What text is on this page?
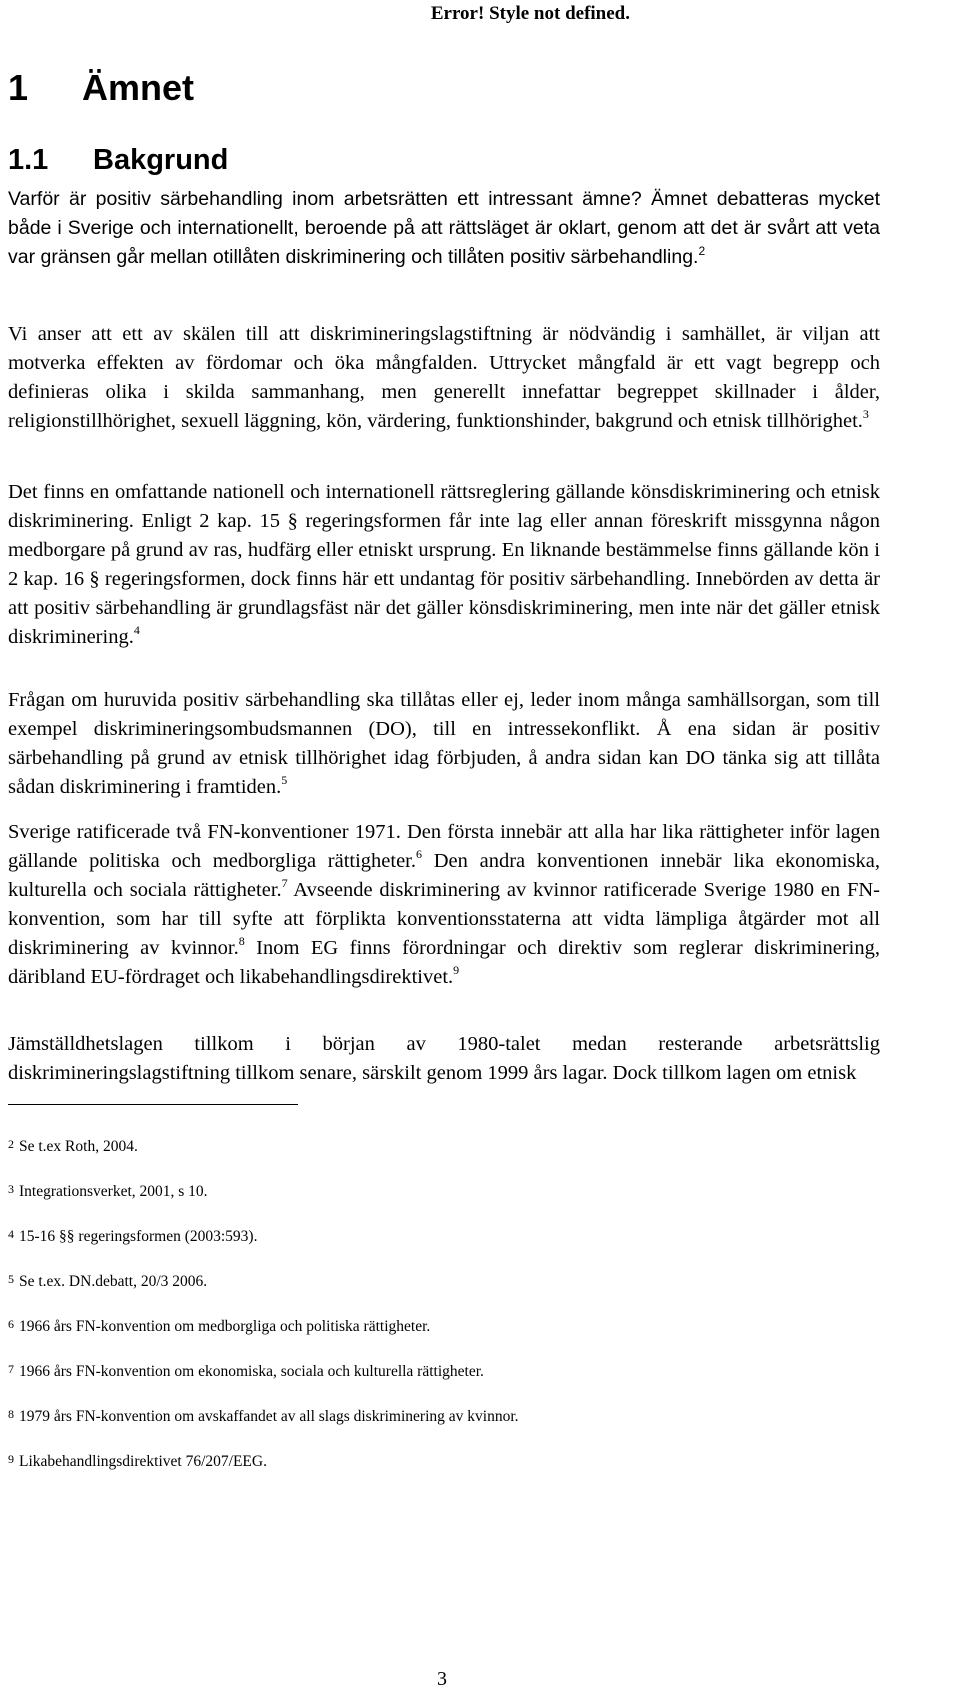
Error! Style not defined.
1	Ämnet
1.1	Bakgrund
Varför är positiv särbehandling inom arbetsrätten ett intressant ämne? Ämnet debatteras mycket både i Sverige och internationellt, beroende på att rättsläget är oklart, genom att det är svårt att veta var gränsen går mellan otillåten diskriminering och tillåten positiv särbehandling.$^2$
Vi anser att ett av skälen till att diskrimineringslagstiftning är nödvändig i samhället, är viljan att motverka effekten av fördomar och öka mångfalden. Uttrycket mångfald är ett vagt begrepp och definieras olika i skilda sammanhang, men generellt innefattar begreppet skillnader i ålder, religionstillhörighet, sexuell läggning, kön, värdering, funktionshinder, bakgrund och etnisk tillhörighet.$^3$
Det finns en omfattande nationell och internationell rättsreglering gällande könsdiskriminering och etnisk diskriminering. Enligt 2 kap. 15 § regeringsformen får inte lag eller annan föreskrift missgynna någon medborgare på grund av ras, hudfärg eller etniskt ursprung. En liknande bestämmelse finns gällande kön i 2 kap. 16 § regeringsformen, dock finns här ett undantag för positiv särbehandling. Innebörden av detta är att positiv särbehandling är grundlagsfäst när det gäller könsdiskriminering, men inte när det gäller etnisk diskriminering.$^4$
Frågan om huruvida positiv särbehandling ska tillåtas eller ej, leder inom många samhällsorgan, som till exempel diskrimineringsombudsmannen (DO), till en intressekonflikt. Å ena sidan är positiv särbehandling på grund av etnisk tillhörighet idag förbjuden, å andra sidan kan DO tänka sig att tillåta sådan diskriminering i framtiden.$^5$
Sverige ratificerade två FN-konventioner 1971. Den första innebär att alla har lika rättigheter inför lagen gällande politiska och medborgliga rättigheter.$^6$ Den andra konventionen innebär lika ekonomiska, kulturella och sociala rättigheter.$^7$ Avseende diskriminering av kvinnor ratificerade Sverige 1980 en FN-konvention, som har till syfte att förplikta konventionsstaterna att vidta lämpliga åtgärder mot all diskriminering av kvinnor.$^8$ Inom EG finns förordningar och direktiv som reglerar diskriminering, däribland EU-fördraget och likabehandlingsdirektivet.$^9$
Jämställdhetslagen tillkom i början av 1980-talet medan resterande arbetsrättslig diskrimineringslagstiftning tillkom senare, särskilt genom 1999 års lagar. Dock tillkom lagen om etnisk

2 Se t.ex Roth, 2004.

3 Integrationsverket, 2001, s 10.

4 15-16 §§ regeringsformen (2003:593).

5 Se t.ex. DN.debatt, 20/3 2006.

6 1966 års FN-konvention om medborgliga och politiska rättigheter.

7 1966 års FN-konvention om ekonomiska, sociala och kulturella rättigheter.

8 1979 års FN-konvention om avskaffandet av all slags diskriminering av kvinnor.

9 Likabehandlingsdirektivet 76/207/EEG.

3
